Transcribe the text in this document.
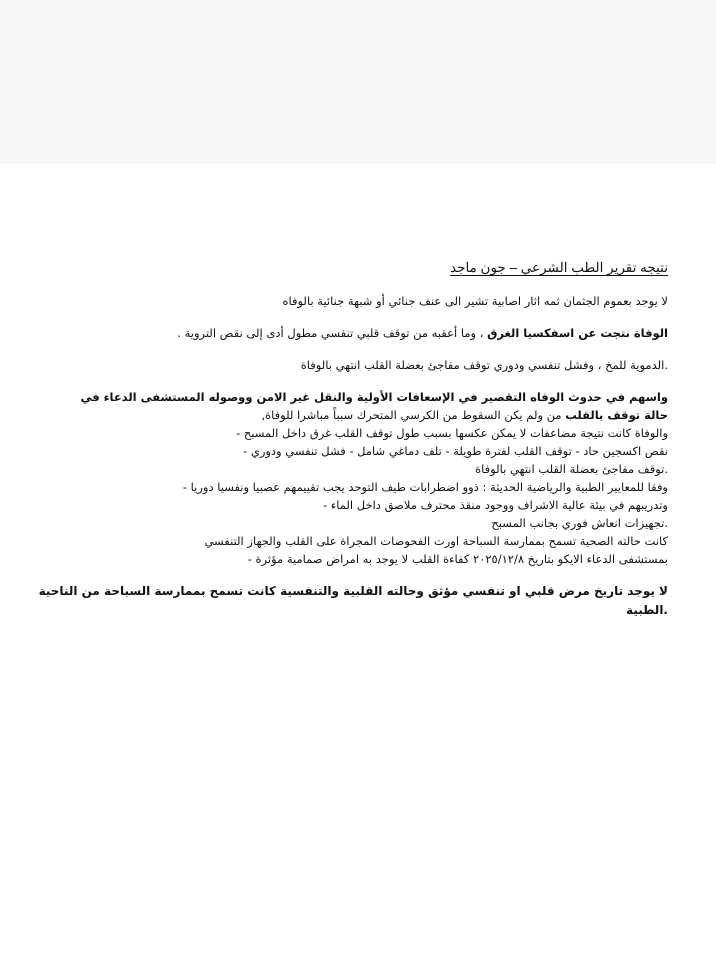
نتيجه تقرير الطب الشرعي – جون ماجد
لا يوجد بعموم الجثمان ثمه اثار اصابية تشير الى عنف جنائي أو شبهة جنائية بالوفاه
الوفاة نتجت عن اسفكسيا الغرق ، وما أعقبه من توقف قلبي تنفسي مطول أدى إلى نقص التروية .
.الدموية للمخ ، وفشل تنفسي ودوري توقف مفاجئ بعضلة القلب انتهي بالوفاة
واسهم في حدوث الوفاه التقصير في الإسعافات الأولية والنقل غير الامن ووصوله المستشفى الدعاء في
حالة توقف بالقلب من ولم يكن السقوط من الكرسي المتحرك سبباً مباشرا للوفاة,
والوفاة كانت نتيجة مضاعفات لا يمكن عكسها بسبب طول توقف القلب غرق داخل المسبح -
نقص اكسجين حاد - توقف القلب لفترة طويلة - تلف دماغي شامل - فشل تنفسي ودوري -
.توقف مفاجئ بعضلة القلب انتهي بالوفاة
وفقا للمعايير الطبية والرياضية الحديثة : ذوو اضطرابات طيف التوحد يجب تقييمهم عصبيا ونفسيا دوريا -
وتدريبهم في بيئة عالية الاشراف ووجود منقذ محترف ملاصق داخل الماء -
.تجهيزات انعاش فوري بجانب المسبح
كانت حالته الصحية تسمح بممارسة السباحة اورت الفحوصات المجراة على القلب والجهاز التنفسي
بمستشفى الدعاء الايكو بتاريخ ٢٠٢٥/١٢/٨ كفاءة القلب لا يوجد به امراض صمامية مؤثرة -
لا يوجد تاريخ مرض قلبي او تنفسي مؤثق وحالته القلبية والتنفسية كانت تسمح بممارسة السباحة من الناحية
.الطبية
